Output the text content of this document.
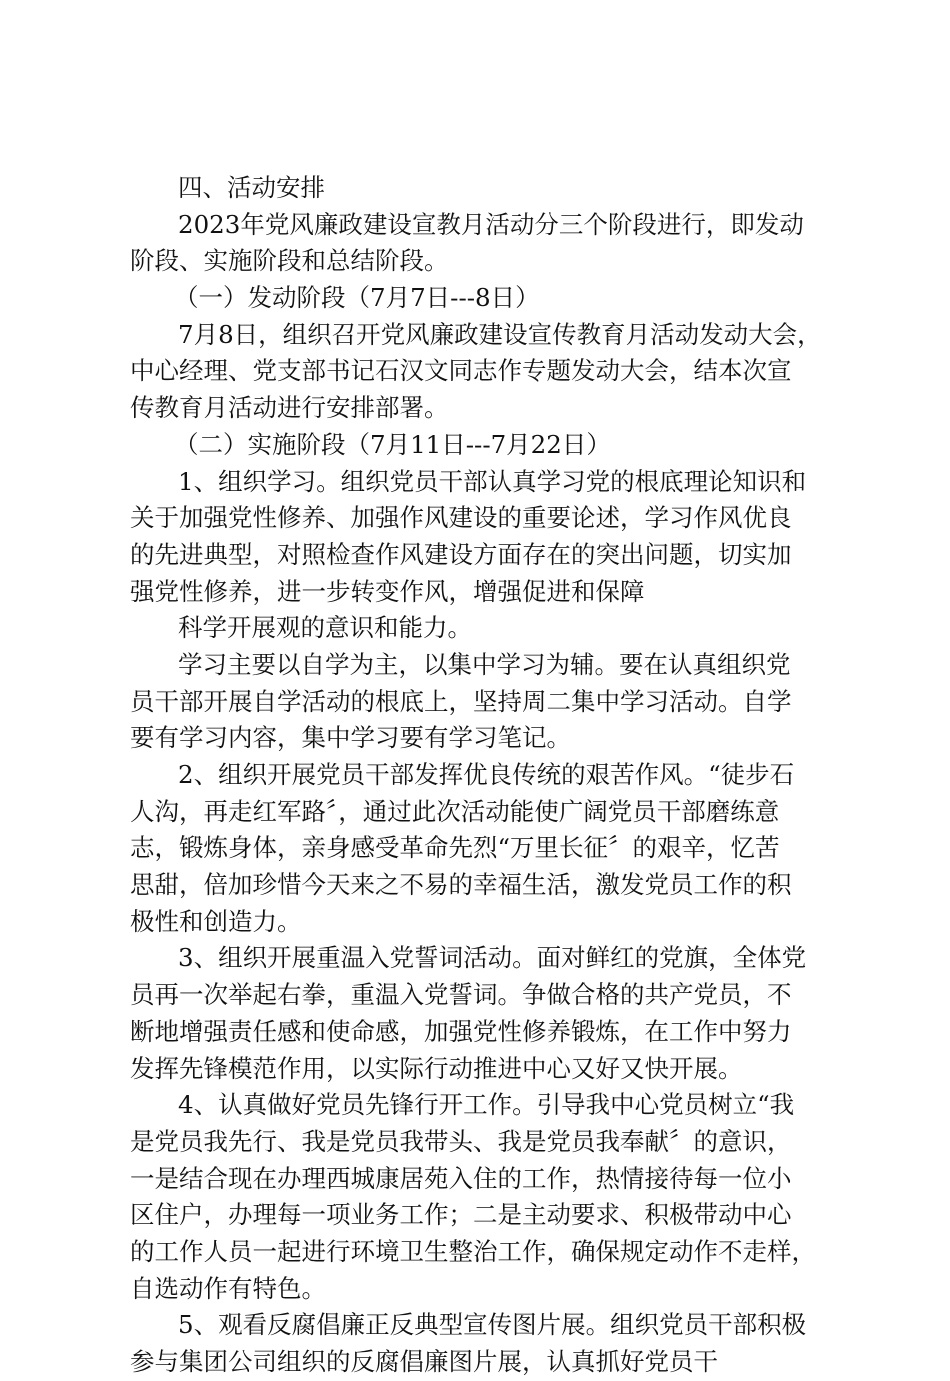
四、活动安排
2023年党风廉政建设宣教月活动分三个阶段进行，即发动
阶段、实施阶段和总结阶段。
（一）发动阶段（7月7日---8日）
7月8日，组织召开党风廉政建设宣传教育月活动发动大会，
中心经理、党支部书记石汉文同志作专题发动大会，结本次宣
传教育月活动进行安排部署。
（二）实施阶段（7月11日---7月22日）
1、组织学习。组织党员干部认真学习党的根底理论知识和
关于加强党性修养、加强作风建设的重要论述，学习作风优良
的先进典型，对照检查作风建设方面存在的突出问题，切实加
强党性修养，进一步转变作风，增强促进和保障
科学开展观的意识和能力。
学习主要以自学为主，以集中学习为辅。要在认真组织党
员干部开展自学活动的根底上，坚持周二集中学习活动。自学
要有学习内容，集中学习要有学习笔记。
2、组织开展党员干部发挥优良传统的艰苦作风。“徒步石
人沟，再走红军路〞，通过此次活动能使广阔党员干部磨练意
志，锻炼身体，亲身感受革命先烈“万里长征〞的艰辛，忆苦
思甜，倍加珍惜今天来之不易的幸福生活，激发党员工作的积
极性和创造力。
3、组织开展重温入党誓词活动。面对鲜红的党旗，全体党
员再一次举起右拳，重温入党誓词。争做合格的共产党员，不
断地增强责任感和使命感，加强党性修养锻炼，在工作中努力
发挥先锋模范作用，以实际行动推进中心又好又快开展。
4、认真做好党员先锋行开工作。引导我中心党员树立“我
是党员我先行、我是党员我带头、我是党员我奉献〞的意识，
一是结合现在办理西城康居苑入住的工作，热情接待每一位小
区住户，办理每一项业务工作；二是主动要求、积极带动中心
的工作人员一起进行环境卫生整治工作，确保规定动作不走样，
自选动作有特色。
5、观看反腐倡廉正反典型宣传图片展。组织党员干部积极
参与集团公司组织的反腐倡廉图片展，认真抓好党员干
